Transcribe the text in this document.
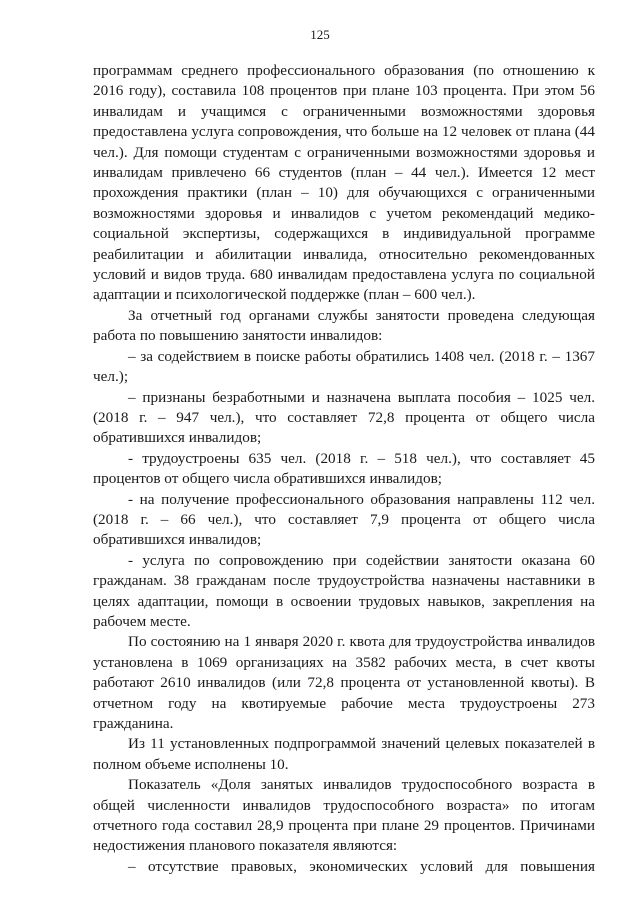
125

программам среднего профессионального образования (по отношению к 2016 году), составила 108 процентов при плане 103 процента. При этом 56 инвалидам и учащимся с ограниченными возможностями здоровья предоставлена услуга сопровождения, что больше на 12 человек от плана (44 чел.). Для помощи студентам с ограниченными возможностями здоровья и инвалидам привлечено 66 студентов (план – 44 чел.). Имеется 12 мест прохождения практики (план – 10) для обучающихся с ограниченными возможностями здоровья и инвалидов с учетом рекомендаций медико-социальной экспертизы, содержащихся в индивидуальной программе реабилитации и абилитации инвалида, относительно рекомендованных условий и видов труда. 680 инвалидам предоставлена услуга по социальной адаптации и психологической поддержке (план – 600 чел.).

За отчетный год органами службы занятости проведена следующая работа по повышению занятости инвалидов:

– за содействием в поиске работы обратились 1408 чел. (2018 г. – 1367 чел.);

– признаны безработными и назначена выплата пособия – 1025 чел. (2018 г. – 947 чел.), что составляет 72,8 процента от общего числа обратившихся инвалидов;

- трудоустроены 635 чел. (2018 г. – 518 чел.), что составляет 45 процентов от общего числа обратившихся инвалидов;

- на получение профессионального образования направлены 112 чел. (2018 г. – 66 чел.), что составляет 7,9 процента от общего числа обратившихся инвалидов;

- услуга по сопровождению при содействии занятости оказана 60 гражданам. 38 гражданам после трудоустройства назначены наставники в целях адаптации, помощи в освоении трудовых навыков, закрепления на рабочем месте.

По состоянию на 1 января 2020 г. квота для трудоустройства инвалидов установлена в 1069 организациях на 3582 рабочих места, в счет квоты работают 2610 инвалидов (или 72,8 процента от установленной квоты). В отчетном году на квотируемые рабочие места трудоустроены 273 гражданина.

Из 11 установленных подпрограммой значений целевых показателей в полном объеме исполнены 10.

Показатель «Доля занятых инвалидов трудоспособного возраста в общей численности инвалидов трудоспособного возраста» по итогам отчетного года составил 28,9 процента при плане 29 процентов. Причинами недостижения планового показателя являются:

– отсутствие правовых, экономических условий для повышения
